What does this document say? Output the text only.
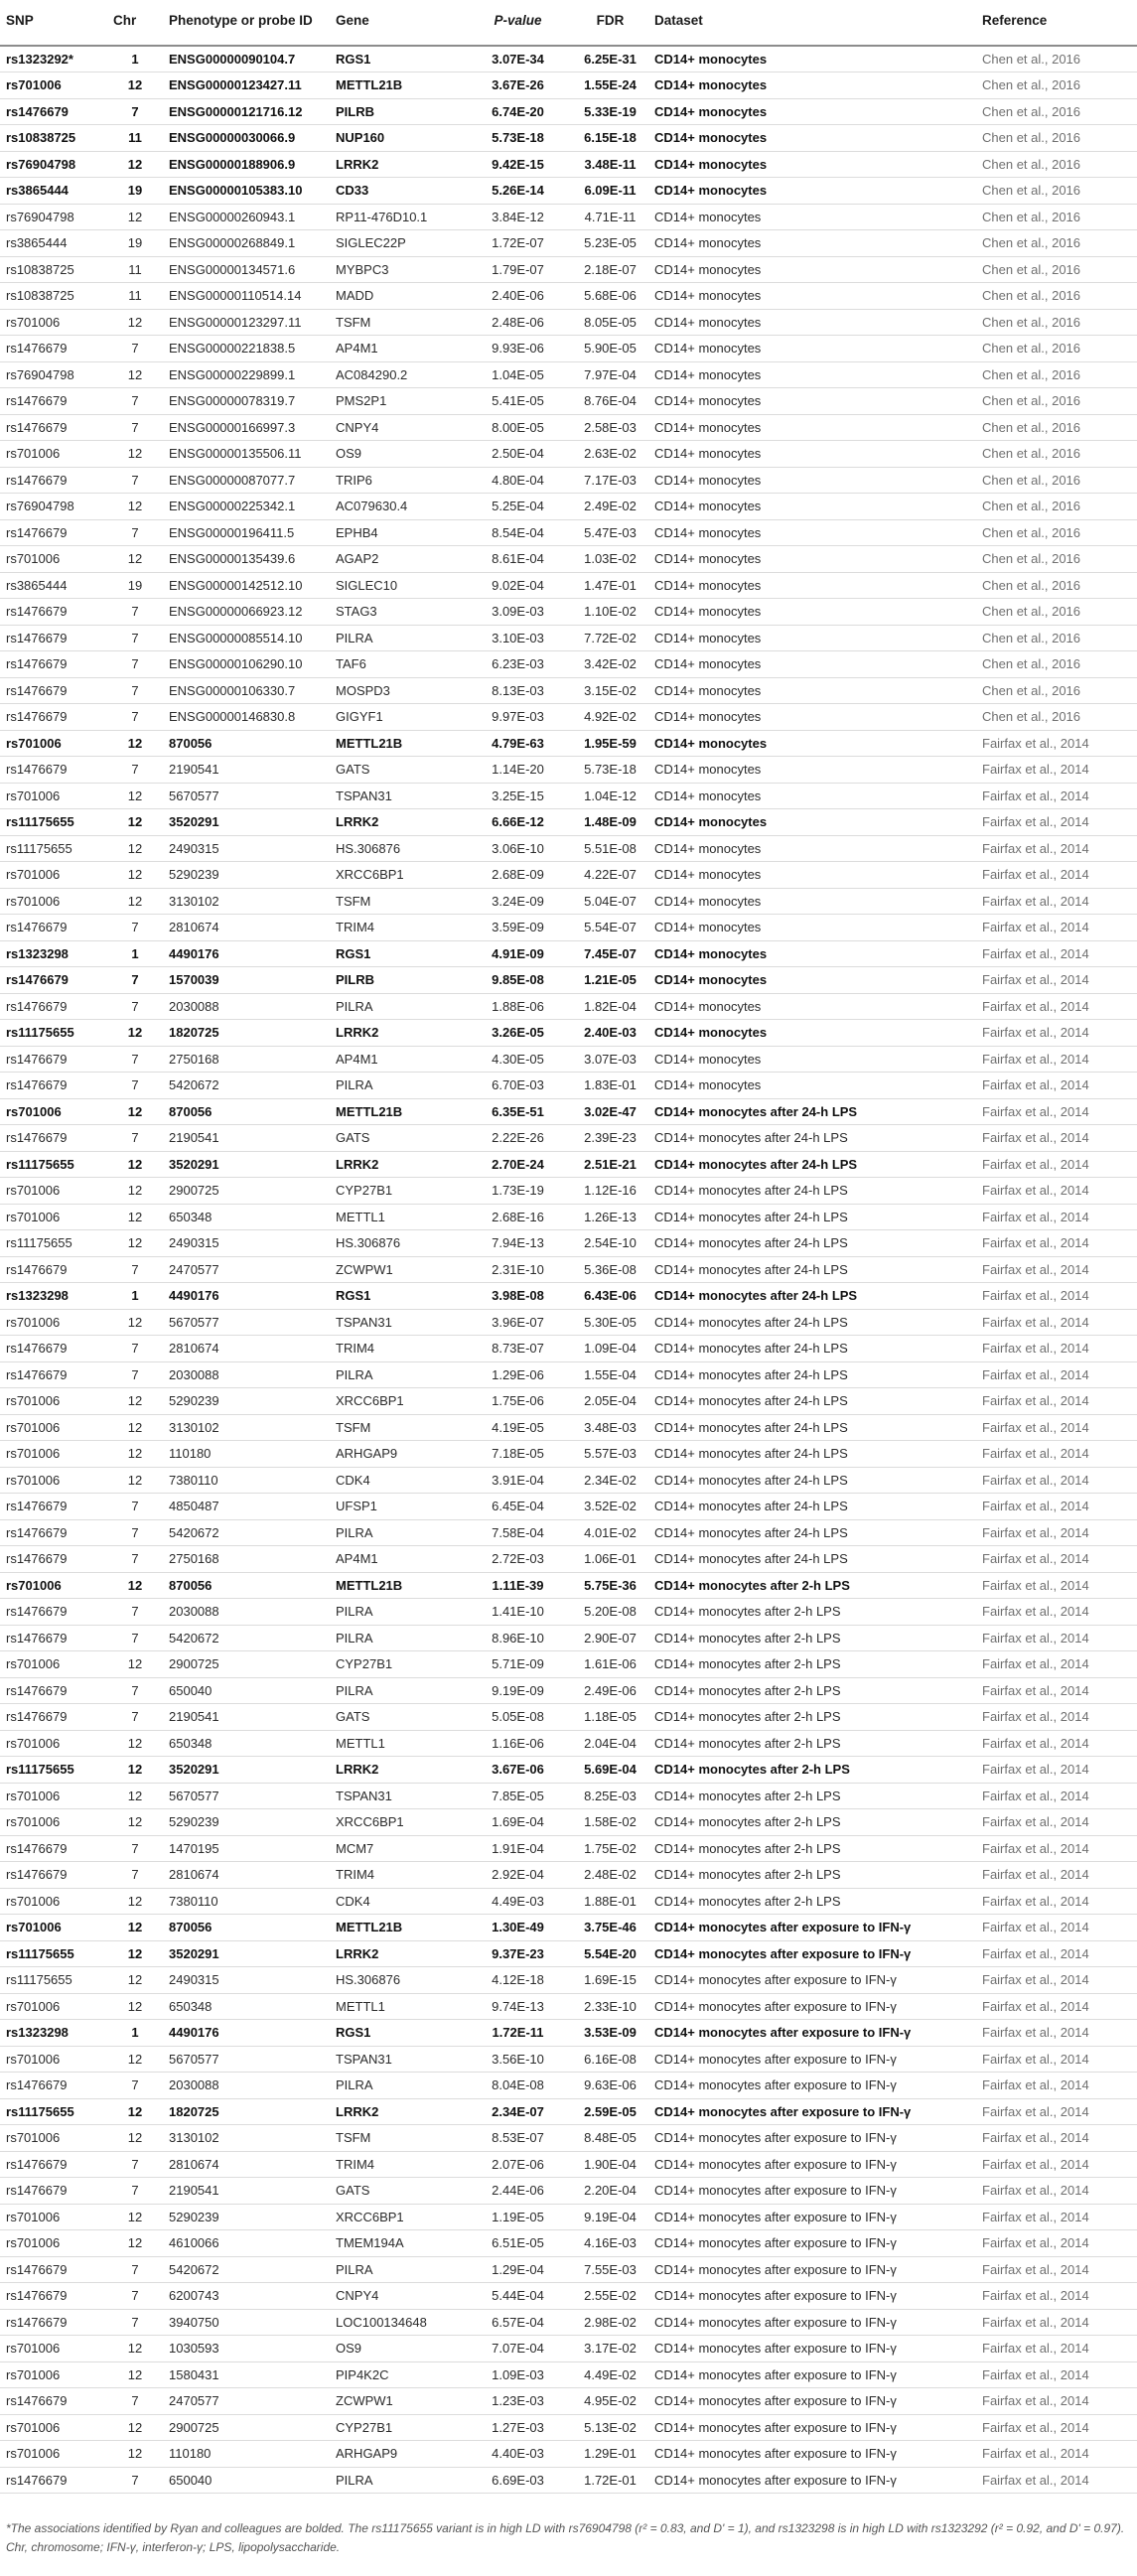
SNP	Chr	Phenotype or probe ID	Gene	P-value	FDR	Dataset	Reference
rs1323292*	1	ENSG00000090104.7	RGS1	3.07E-34	6.25E-31	CD14+ monocytes	Chen et al., 2016
rs701006	12	ENSG00000123427.11	METTL21B	3.67E-26	1.55E-24	CD14+ monocytes	Chen et al., 2016
rs1476679	7	ENSG00000121716.12	PILRB	6.74E-20	5.33E-19	CD14+ monocytes	Chen et al., 2016
rs10838725	11	ENSG00000030066.9	NUP160	5.73E-18	6.15E-18	CD14+ monocytes	Chen et al., 2016
rs76904798	12	ENSG00000188906.9	LRRK2	9.42E-15	3.48E-11	CD14+ monocytes	Chen et al., 2016
rs3865444	19	ENSG00000105383.10	CD33	5.26E-14	6.09E-11	CD14+ monocytes	Chen et al., 2016
rs76904798	12	ENSG00000260943.1	RP11-476D10.1	3.84E-12	4.71E-11	CD14+ monocytes	Chen et al., 2016
rs3865444	19	ENSG00000268849.1	SIGLEC22P	1.72E-07	5.23E-05	CD14+ monocytes	Chen et al., 2016
rs10838725	11	ENSG00000134571.6	MYBPC3	1.79E-07	2.18E-07	CD14+ monocytes	Chen et al., 2016
rs10838725	11	ENSG00000110514.14	MADD	2.40E-06	5.68E-06	CD14+ monocytes	Chen et al., 2016
rs701006	12	ENSG00000123297.11	TSFM	2.48E-06	8.05E-05	CD14+ monocytes	Chen et al., 2016
rs1476679	7	ENSG00000221838.5	AP4M1	9.93E-06	5.90E-05	CD14+ monocytes	Chen et al., 2016
rs76904798	12	ENSG00000229899.1	AC084290.2	1.04E-05	7.97E-04	CD14+ monocytes	Chen et al., 2016
rs1476679	7	ENSG00000078319.7	PMS2P1	5.41E-05	8.76E-04	CD14+ monocytes	Chen et al., 2016
rs1476679	7	ENSG00000166997.3	CNPY4	8.00E-05	2.58E-03	CD14+ monocytes	Chen et al., 2016
rs701006	12	ENSG00000135506.11	OS9	2.50E-04	2.63E-02	CD14+ monocytes	Chen et al., 2016
rs1476679	7	ENSG00000087077.7	TRIP6	4.80E-04	7.17E-03	CD14+ monocytes	Chen et al., 2016
rs76904798	12	ENSG00000225342.1	AC079630.4	5.25E-04	2.49E-02	CD14+ monocytes	Chen et al., 2016
rs1476679	7	ENSG00000196411.5	EPHB4	8.54E-04	5.47E-03	CD14+ monocytes	Chen et al., 2016
rs701006	12	ENSG00000135439.6	AGAP2	8.61E-04	1.03E-02	CD14+ monocytes	Chen et al., 2016
rs3865444	19	ENSG00000142512.10	SIGLEC10	9.02E-04	1.47E-01	CD14+ monocytes	Chen et al., 2016
rs1476679	7	ENSG00000066923.12	STAG3	3.09E-03	1.10E-02	CD14+ monocytes	Chen et al., 2016
rs1476679	7	ENSG00000085514.10	PILRA	3.10E-03	7.72E-02	CD14+ monocytes	Chen et al., 2016
rs1476679	7	ENSG00000106290.10	TAF6	6.23E-03	3.42E-02	CD14+ monocytes	Chen et al., 2016
rs1476679	7	ENSG00000106330.7	MOSPD3	8.13E-03	3.15E-02	CD14+ monocytes	Chen et al., 2016
rs1476679	7	ENSG00000146830.8	GIGYF1	9.97E-03	4.92E-02	CD14+ monocytes	Chen et al., 2016
rs701006	12	870056	METTL21B	4.79E-63	1.95E-59	CD14+ monocytes	Fairfax et al., 2014
rs1476679	7	2190541	GATS	1.14E-20	5.73E-18	CD14+ monocytes	Fairfax et al., 2014
rs701006	12	5670577	TSPAN31	3.25E-15	1.04E-12	CD14+ monocytes	Fairfax et al., 2014
rs11175655	12	3520291	LRRK2	6.66E-12	1.48E-09	CD14+ monocytes	Fairfax et al., 2014
rs11175655	12	2490315	HS.306876	3.06E-10	5.51E-08	CD14+ monocytes	Fairfax et al., 2014
rs701006	12	5290239	XRCC6BP1	2.68E-09	4.22E-07	CD14+ monocytes	Fairfax et al., 2014
rs701006	12	3130102	TSFM	3.24E-09	5.04E-07	CD14+ monocytes	Fairfax et al., 2014
rs1476679	7	2810674	TRIM4	3.59E-09	5.54E-07	CD14+ monocytes	Fairfax et al., 2014
rs1323298	1	4490176	RGS1	4.91E-09	7.45E-07	CD14+ monocytes	Fairfax et al., 2014
rs1476679	7	1570039	PILRB	9.85E-08	1.21E-05	CD14+ monocytes	Fairfax et al., 2014
rs1476679	7	2030088	PILRA	1.88E-06	1.82E-04	CD14+ monocytes	Fairfax et al., 2014
rs11175655	12	1820725	LRRK2	3.26E-05	2.40E-03	CD14+ monocytes	Fairfax et al., 2014
rs1476679	7	2750168	AP4M1	4.30E-05	3.07E-03	CD14+ monocytes	Fairfax et al., 2014
rs1476679	7	5420672	PILRA	6.70E-03	1.83E-01	CD14+ monocytes	Fairfax et al., 2014
rs701006	12	870056	METTL21B	6.35E-51	3.02E-47	CD14+ monocytes after 24-h LPS	Fairfax et al., 2014
rs1476679	7	2190541	GATS	2.22E-26	2.39E-23	CD14+ monocytes after 24-h LPS	Fairfax et al., 2014
rs11175655	12	3520291	LRRK2	2.70E-24	2.51E-21	CD14+ monocytes after 24-h LPS	Fairfax et al., 2014
rs701006	12	2900725	CYP27B1	1.73E-19	1.12E-16	CD14+ monocytes after 24-h LPS	Fairfax et al., 2014
rs701006	12	650348	METTL1	2.68E-16	1.26E-13	CD14+ monocytes after 24-h LPS	Fairfax et al., 2014
rs11175655	12	2490315	HS.306876	7.94E-13	2.54E-10	CD14+ monocytes after 24-h LPS	Fairfax et al., 2014
rs1476679	7	2470577	ZCWPW1	2.31E-10	5.36E-08	CD14+ monocytes after 24-h LPS	Fairfax et al., 2014
rs1323298	1	4490176	RGS1	3.98E-08	6.43E-06	CD14+ monocytes after 24-h LPS	Fairfax et al., 2014
rs701006	12	5670577	TSPAN31	3.96E-07	5.30E-05	CD14+ monocytes after 24-h LPS	Fairfax et al., 2014
rs1476679	7	2810674	TRIM4	8.73E-07	1.09E-04	CD14+ monocytes after 24-h LPS	Fairfax et al., 2014
rs1476679	7	2030088	PILRA	1.29E-06	1.55E-04	CD14+ monocytes after 24-h LPS	Fairfax et al., 2014
rs701006	12	5290239	XRCC6BP1	1.75E-06	2.05E-04	CD14+ monocytes after 24-h LPS	Fairfax et al., 2014
rs701006	12	3130102	TSFM	4.19E-05	3.48E-03	CD14+ monocytes after 24-h LPS	Fairfax et al., 2014
rs701006	12	110180	ARHGAP9	7.18E-05	5.57E-03	CD14+ monocytes after 24-h LPS	Fairfax et al., 2014
rs701006	12	7380110	CDK4	3.91E-04	2.34E-02	CD14+ monocytes after 24-h LPS	Fairfax et al., 2014
rs1476679	7	4850487	UFSP1	6.45E-04	3.52E-02	CD14+ monocytes after 24-h LPS	Fairfax et al., 2014
rs1476679	7	5420672	PILRA	7.58E-04	4.01E-02	CD14+ monocytes after 24-h LPS	Fairfax et al., 2014
rs1476679	7	2750168	AP4M1	2.72E-03	1.06E-01	CD14+ monocytes after 24-h LPS	Fairfax et al., 2014
rs701006	12	870056	METTL21B	1.11E-39	5.75E-36	CD14+ monocytes after 2-h LPS	Fairfax et al., 2014
rs1476679	7	2030088	PILRA	1.41E-10	5.20E-08	CD14+ monocytes after 2-h LPS	Fairfax et al., 2014
rs1476679	7	5420672	PILRA	8.96E-10	2.90E-07	CD14+ monocytes after 2-h LPS	Fairfax et al., 2014
rs701006	12	2900725	CYP27B1	5.71E-09	1.61E-06	CD14+ monocytes after 2-h LPS	Fairfax et al., 2014
rs1476679	7	650040	PILRA	9.19E-09	2.49E-06	CD14+ monocytes after 2-h LPS	Fairfax et al., 2014
rs1476679	7	2190541	GATS	5.05E-08	1.18E-05	CD14+ monocytes after 2-h LPS	Fairfax et al., 2014
rs701006	12	650348	METTL1	1.16E-06	2.04E-04	CD14+ monocytes after 2-h LPS	Fairfax et al., 2014
rs11175655	12	3520291	LRRK2	3.67E-06	5.69E-04	CD14+ monocytes after 2-h LPS	Fairfax et al., 2014
rs701006	12	5670577	TSPAN31	7.85E-05	8.25E-03	CD14+ monocytes after 2-h LPS	Fairfax et al., 2014
rs701006	12	5290239	XRCC6BP1	1.69E-04	1.58E-02	CD14+ monocytes after 2-h LPS	Fairfax et al., 2014
rs1476679	7	1470195	MCM7	1.91E-04	1.75E-02	CD14+ monocytes after 2-h LPS	Fairfax et al., 2014
rs1476679	7	2810674	TRIM4	2.92E-04	2.48E-02	CD14+ monocytes after 2-h LPS	Fairfax et al., 2014
rs701006	12	7380110	CDK4	4.49E-03	1.88E-01	CD14+ monocytes after 2-h LPS	Fairfax et al., 2014
rs701006	12	870056	METTL21B	1.30E-49	3.75E-46	CD14+ monocytes after exposure to IFN-γ	Fairfax et al., 2014
rs11175655	12	3520291	LRRK2	9.37E-23	5.54E-20	CD14+ monocytes after exposure to IFN-γ	Fairfax et al., 2014
rs11175655	12	2490315	HS.306876	4.12E-18	1.69E-15	CD14+ monocytes after exposure to IFN-γ	Fairfax et al., 2014
rs701006	12	650348	METTL1	9.74E-13	2.33E-10	CD14+ monocytes after exposure to IFN-γ	Fairfax et al., 2014
rs1323298	1	4490176	RGS1	1.72E-11	3.53E-09	CD14+ monocytes after exposure to IFN-γ	Fairfax et al., 2014
rs701006	12	5670577	TSPAN31	3.56E-10	6.16E-08	CD14+ monocytes after exposure to IFN-γ	Fairfax et al., 2014
rs1476679	7	2030088	PILRA	8.04E-08	9.63E-06	CD14+ monocytes after exposure to IFN-γ	Fairfax et al., 2014
rs11175655	12	1820725	LRRK2	2.34E-07	2.59E-05	CD14+ monocytes after exposure to IFN-γ	Fairfax et al., 2014
rs701006	12	3130102	TSFM	8.53E-07	8.48E-05	CD14+ monocytes after exposure to IFN-γ	Fairfax et al., 2014
rs1476679	7	2810674	TRIM4	2.07E-06	1.90E-04	CD14+ monocytes after exposure to IFN-γ	Fairfax et al., 2014
rs1476679	7	2190541	GATS	2.44E-06	2.20E-04	CD14+ monocytes after exposure to IFN-γ	Fairfax et al., 2014
rs701006	12	5290239	XRCC6BP1	1.19E-05	9.19E-04	CD14+ monocytes after exposure to IFN-γ	Fairfax et al., 2014
rs701006	12	4610066	TMEM194A	6.51E-05	4.16E-03	CD14+ monocytes after exposure to IFN-γ	Fairfax et al., 2014
rs1476679	7	5420672	PILRA	1.29E-04	7.55E-03	CD14+ monocytes after exposure to IFN-γ	Fairfax et al., 2014
rs1476679	7	6200743	CNPY4	5.44E-04	2.55E-02	CD14+ monocytes after exposure to IFN-γ	Fairfax et al., 2014
rs1476679	7	3940750	LOC100134648	6.57E-04	2.98E-02	CD14+ monocytes after exposure to IFN-γ	Fairfax et al., 2014
rs701006	12	1030593	OS9	7.07E-04	3.17E-02	CD14+ monocytes after exposure to IFN-γ	Fairfax et al., 2014
rs701006	12	1580431	PIP4K2C	1.09E-03	4.49E-02	CD14+ monocytes after exposure to IFN-γ	Fairfax et al., 2014
rs1476679	7	2470577	ZCWPW1	1.23E-03	4.95E-02	CD14+ monocytes after exposure to IFN-γ	Fairfax et al., 2014
rs701006	12	2900725	CYP27B1	1.27E-03	5.13E-02	CD14+ monocytes after exposure to IFN-γ	Fairfax et al., 2014
rs701006	12	110180	ARHGAP9	4.40E-03	1.29E-01	CD14+ monocytes after exposure to IFN-γ	Fairfax et al., 2014
rs1476679	7	650040	PILRA	6.69E-03	1.72E-01	CD14+ monocytes after exposure to IFN-γ	Fairfax et al., 2014
*The associations identified by Ryan and colleagues are bolded. The rs11175655 variant is in high LD with rs76904798 (r² = 0.83, and D' = 1), and rs1323298 is in high LD with rs1323292 (r² = 0.92, and D' = 0.97). Chr, chromosome; IFN-γ, interferon-γ; LPS, lipopolysaccharide.
